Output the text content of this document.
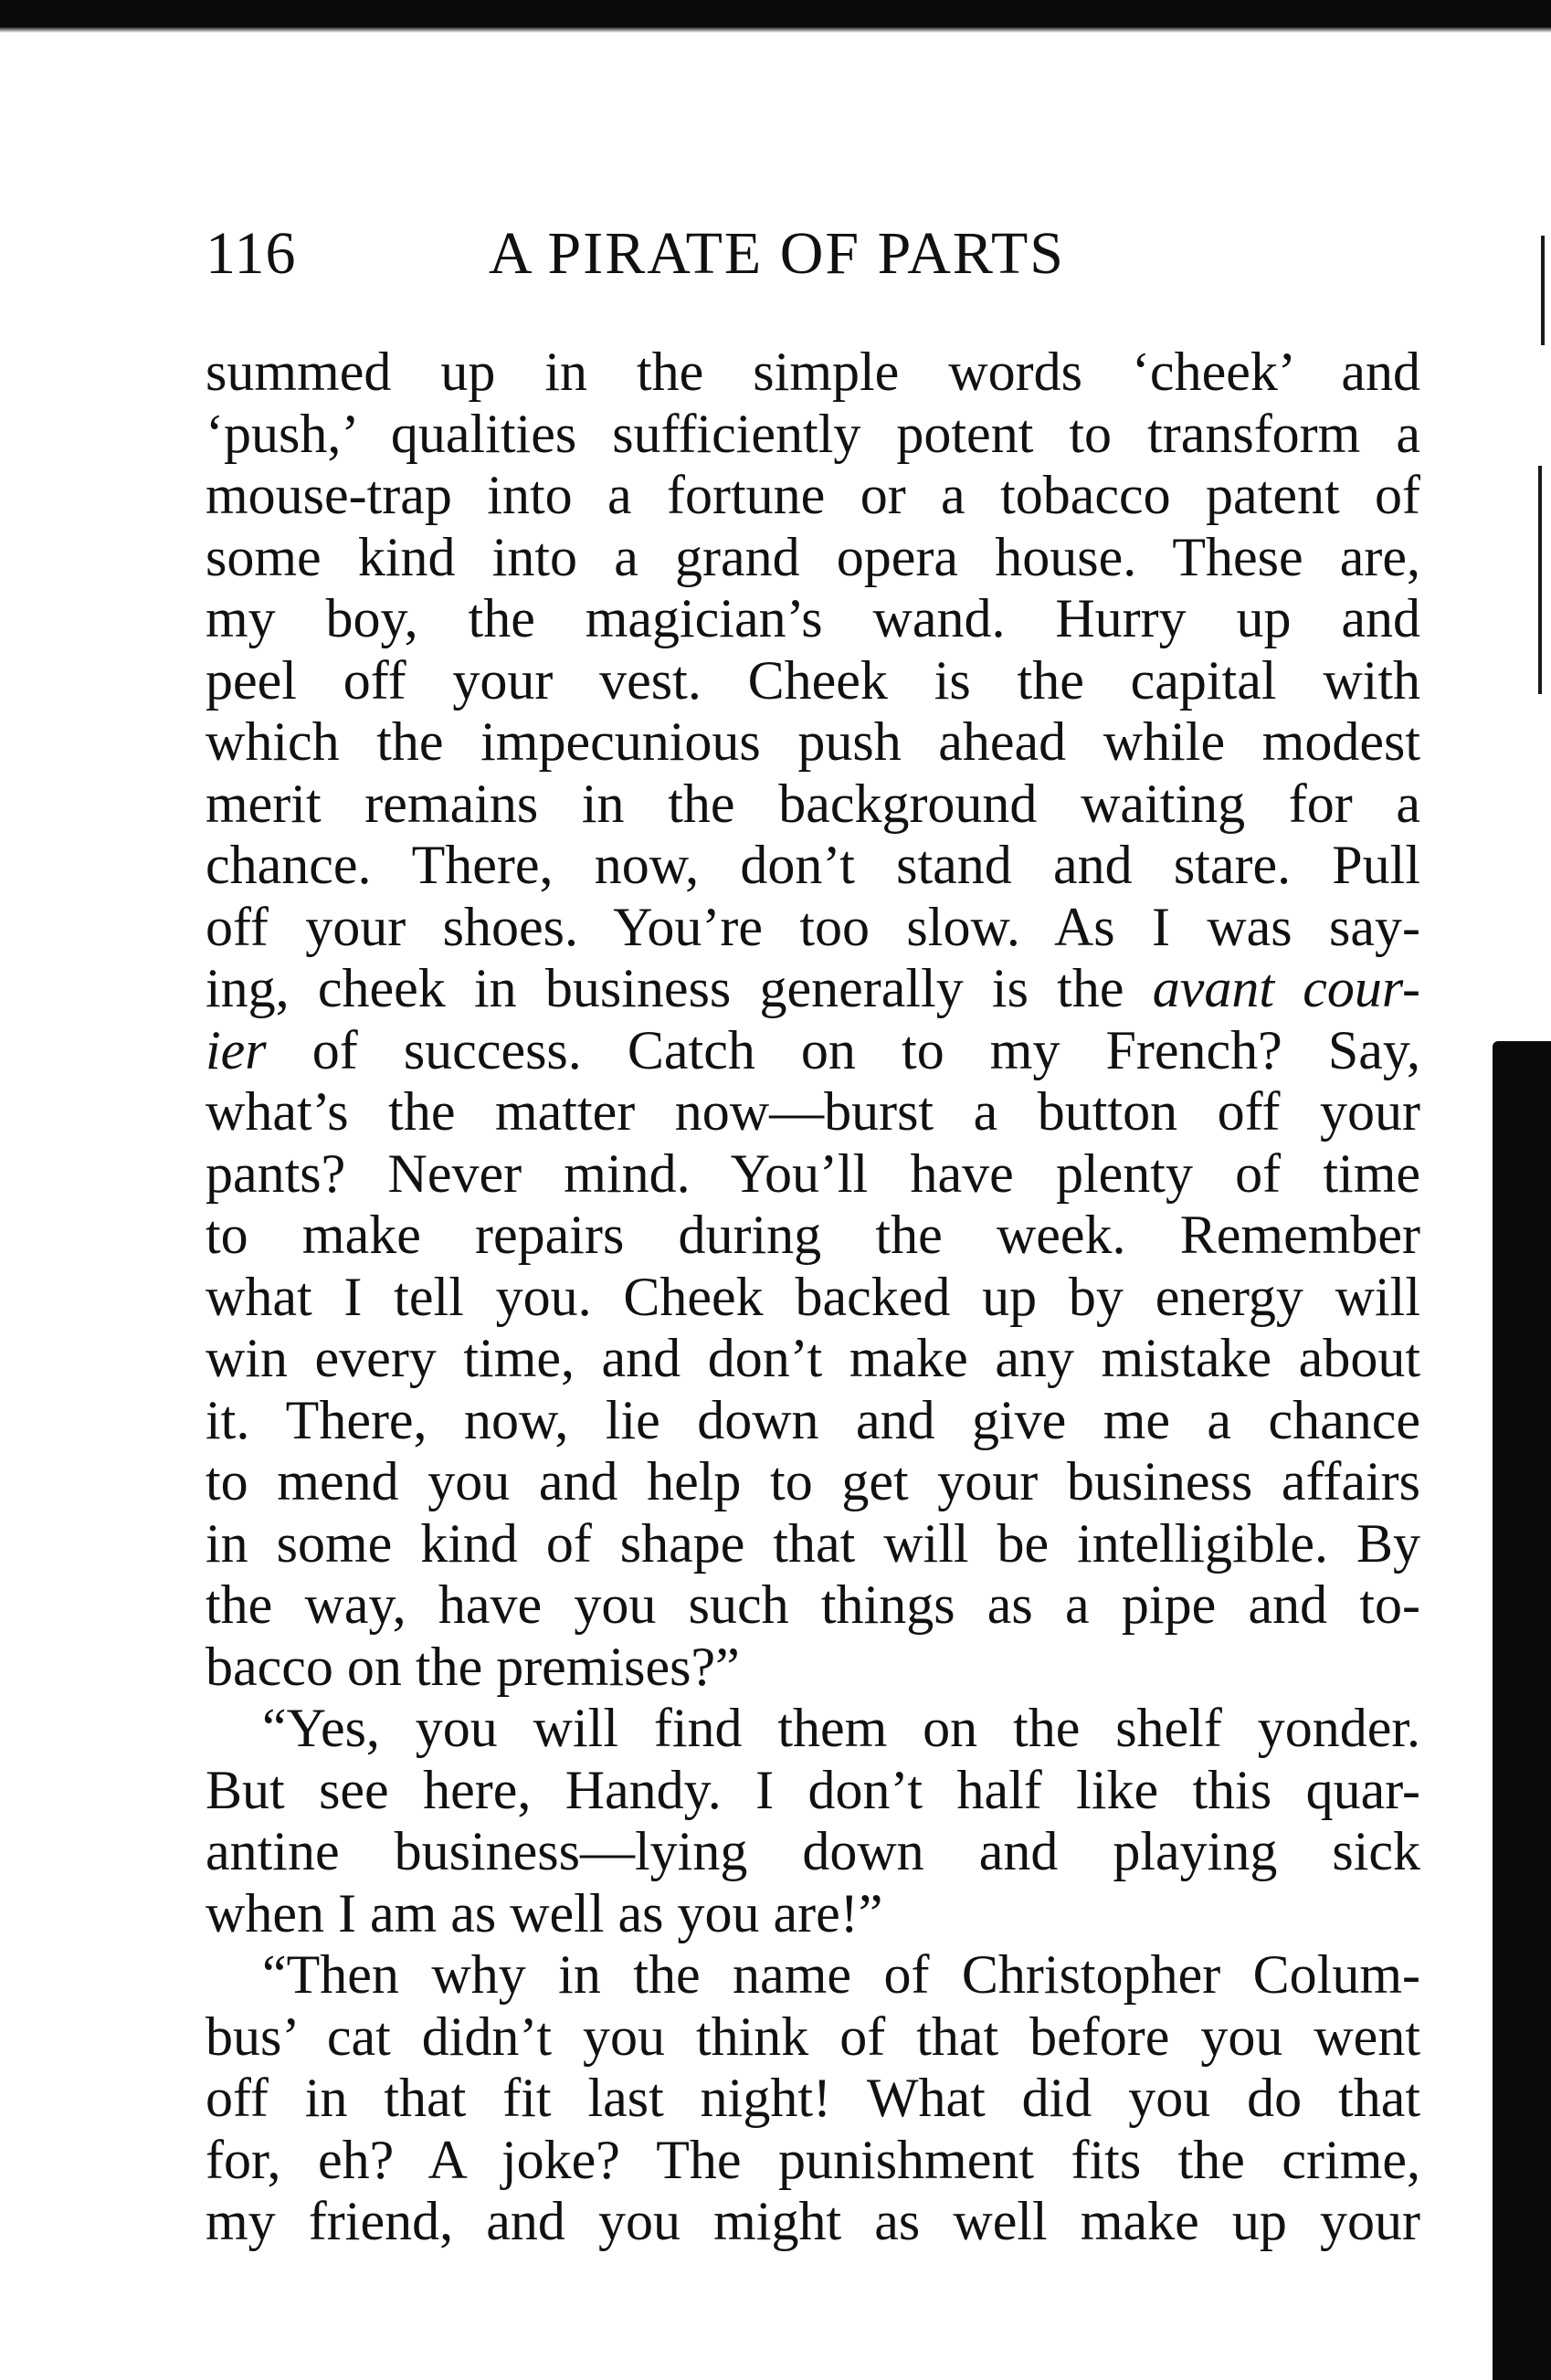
116	A PIRATE OF PARTS
summed up in the simple words ‘cheek’ and
‘push,’ qualities sufficiently potent to transform a
mouse-trap into a fortune or a tobacco patent of
some kind into a grand opera house. These are,
my boy, the magician’s wand. Hurry up and
peel off your vest. Cheek is the capital with
which the impecunious push ahead while modest
merit remains in the background waiting for a
chance. There, now, don’t stand and stare. Pull
off your shoes. You’re too slow. As I was say-
ing, cheek in business generally is the avant cour-
ier of success. Catch on to my French? Say,
what’s the matter now—burst a button off your
pants? Never mind. You’ll have plenty of time
to make repairs during the week. Remember
what I tell you. Cheek backed up by energy will
win every time, and don’t make any mistake about
it. There, now, lie down and give me a chance
to mend you and help to get your business affairs
in some kind of shape that will be intelligible. By
the way, have you such things as a pipe and to-
bacco on the premises?”
“Yes, you will find them on the shelf yonder.
But see here, Handy. I don’t half like this quar-
antine business—lying down and playing sick
when I am as well as you are!”
“Then why in the name of Christopher Colum-
bus’ cat didn’t you think of that before you went
off in that fit last night! What did you do that
for, eh? A joke? The punishment fits the crime,
my friend, and you might as well make up your
